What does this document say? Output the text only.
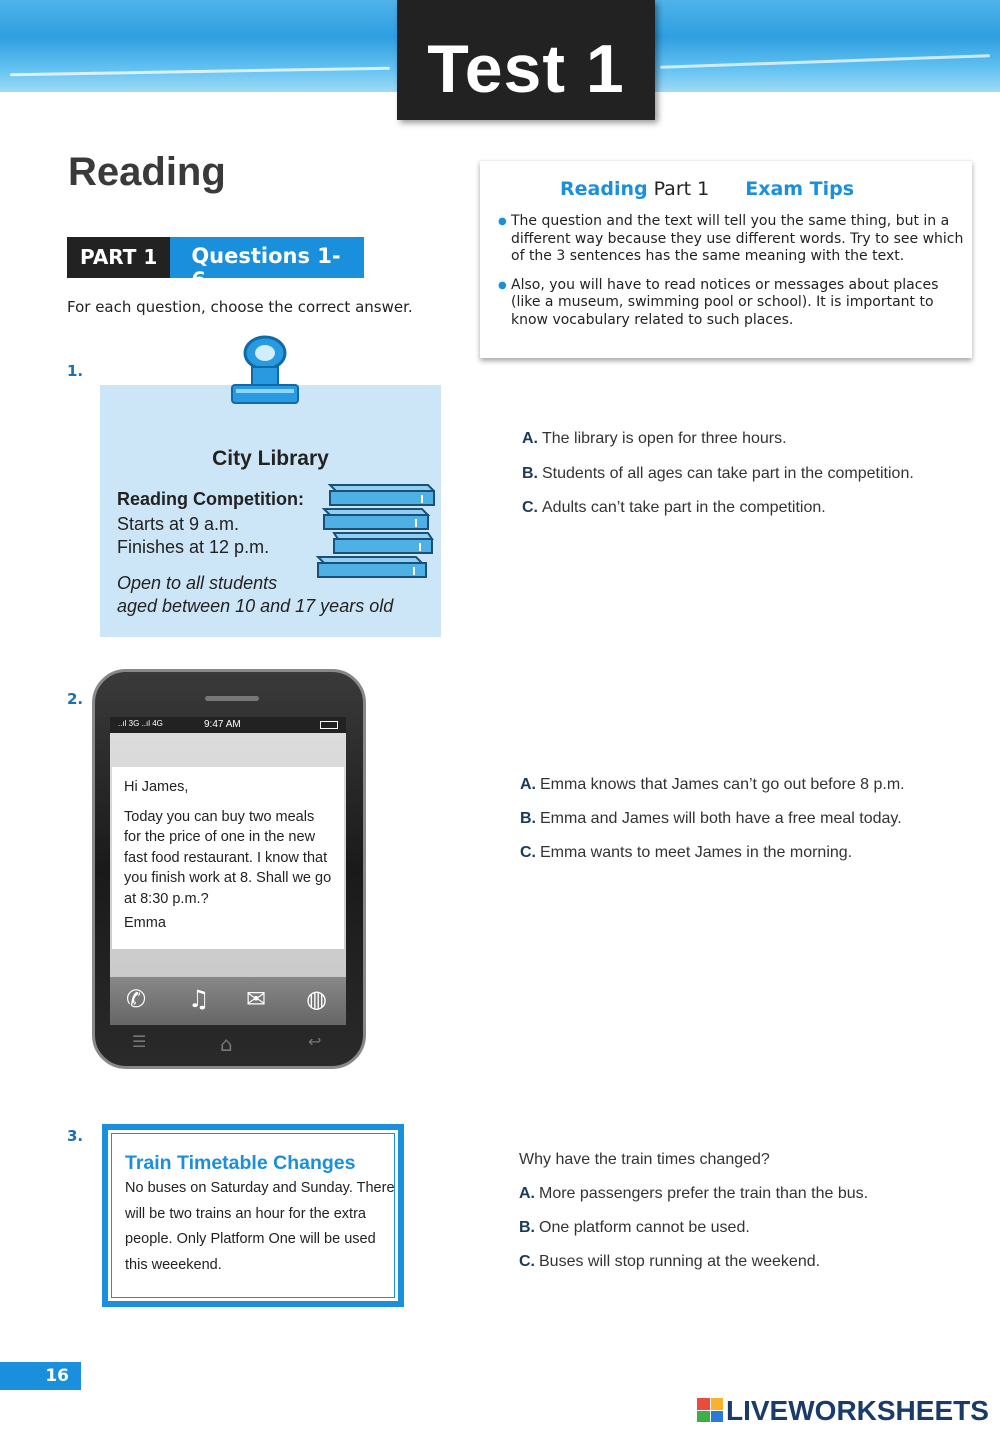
Test 1
Reading
PART 1	Questions 1-6
For each question, choose the correct answer.
Reading Part 1 Exam Tips
● The question and the text will tell you the same thing, but in a different way because they use different words. Try to see which of the 3 sentences has the same meaning with the text.
● Also, you will have to read notices or messages about places (like a museum, swimming pool or school). It is important to know vocabulary related to such places.
1.
City Library
Reading Competition:
Starts at 9 a.m.
Finishes at 12 p.m.
Open to all students
aged between 10 and 17 years old
A. The library is open for three hours.
B. Students of all ages can take part in the competition.
C. Adults can’t take part in the competition.
2.
..ıl 3G ..ıl 4G	9:47 AM
Hi James,
Today you can buy two meals for the price of one in the new fast food restaurant. I know that you finish work at 8. Shall we go at 8:30 p.m.?
Emma
✆ ♫ ✉ ◍
☰	⌂	↩
A. Emma knows that James can’t go out before 8 p.m.
B. Emma and James will both have a free meal today.
C. Emma wants to meet James in the morning.
3.
Train Timetable Changes
No buses on Saturday and Sunday. There will be two trains an hour for the extra people. Only Platform One will be used this weeekend.
Why have the train times changed?
A. More passengers prefer the train than the bus.
B. One platform cannot be used.
C. Buses will stop running at the weekend.
16
LIVEWORKSHEETS
